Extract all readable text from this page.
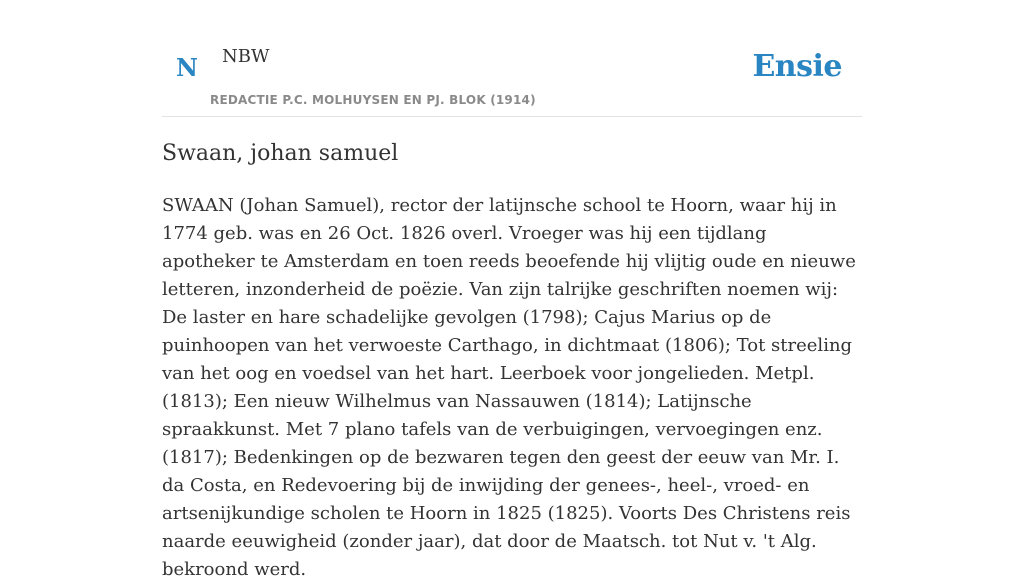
N NBW
REDACTIE P.C. MOLHUYSEN EN PJ. BLOK (1914)
Ensie
Swaan, johan samuel

SWAAN (Johan Samuel), rector der latijnsche school te Hoorn, waar hij in 1774 geb. was en 26 Oct. 1826 overl. Vroeger was hij een tijdlang apotheker te Amsterdam en toen reeds beoefende hij vlijtig oude en nieuwe letteren, inzonderheid de poëzie. Van zijn talrijke geschriften noemen wij: De laster en hare schadelijke gevolgen (1798); Cajus Marius op de puinhoopen van het verwoeste Carthago, in dichtmaat (1806); Tot streeling van het oog en voedsel van het hart. Leerboek voor jongelieden. Metpl. (1813); Een nieuw Wilhelmus van Nassauwen (1814); Latijnsche spraakkunst. Met 7 plano tafels van de verbuigingen, vervoegingen enz. (1817); Bedenkingen op de bezwaren tegen den geest der eeuw van Mr. I. da Costa, en Redevoering bij de inwijding der genees-, heel-, vroed- en artsenijkundige scholen te Hoorn in 1825 (1825). Voorts Des Christens reis naarde eeuwigheid (zonder jaar), dat door de Maatsch. tot Nut v. 't Alg. bekroond werd.
